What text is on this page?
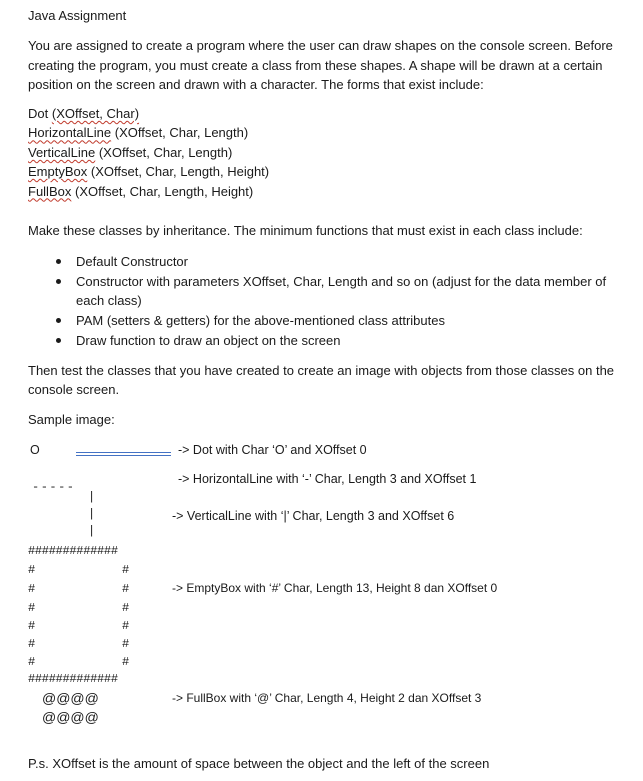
Java Assignment
You are assigned to create a program where the user can draw shapes on the console screen. Before creating the program, you must create a class from these shapes. A shape will be drawn at a certain position on the screen and drawn with a character. The forms that exist include:
Dot (XOffset, Char)
HorizontalLine (XOffset, Char, Length)
VerticalLine (XOffset, Char, Length)
EmptyBox (XOffset, Char, Length, Height)
FullBox (XOffset, Char, Length, Height)
Make these classes by inheritance. The minimum functions that must exist in each class include:
Default Constructor
Constructor with parameters XOffset, Char, Length and so on (adjust for the data member of each class)
PAM (setters & getters) for the above-mentioned class attributes
Draw function to draw an object on the screen
Then test the classes that you have created to create an image with objects from those classes on the console screen.
Sample image:
O
-----
|
|
|
#############
#	#
#	#
#	#
#	#
#	#
#	#
#############
@@@@
@@@@
-> Dot with Char ‘O’ and XOffset 0
-> HorizontalLine with ‘-’ Char, Length 3 and XOffset 1
-> VerticalLine with ‘|’ Char, Length 3 and XOffset 6
-> EmptyBox with ‘#’ Char, Length 13, Height 8 dan XOffset 0
-> FullBox with ‘@’ Char, Length 4, Height 2 dan XOffset 3
P.s. XOffset is the amount of space between the object and the left of the screen
